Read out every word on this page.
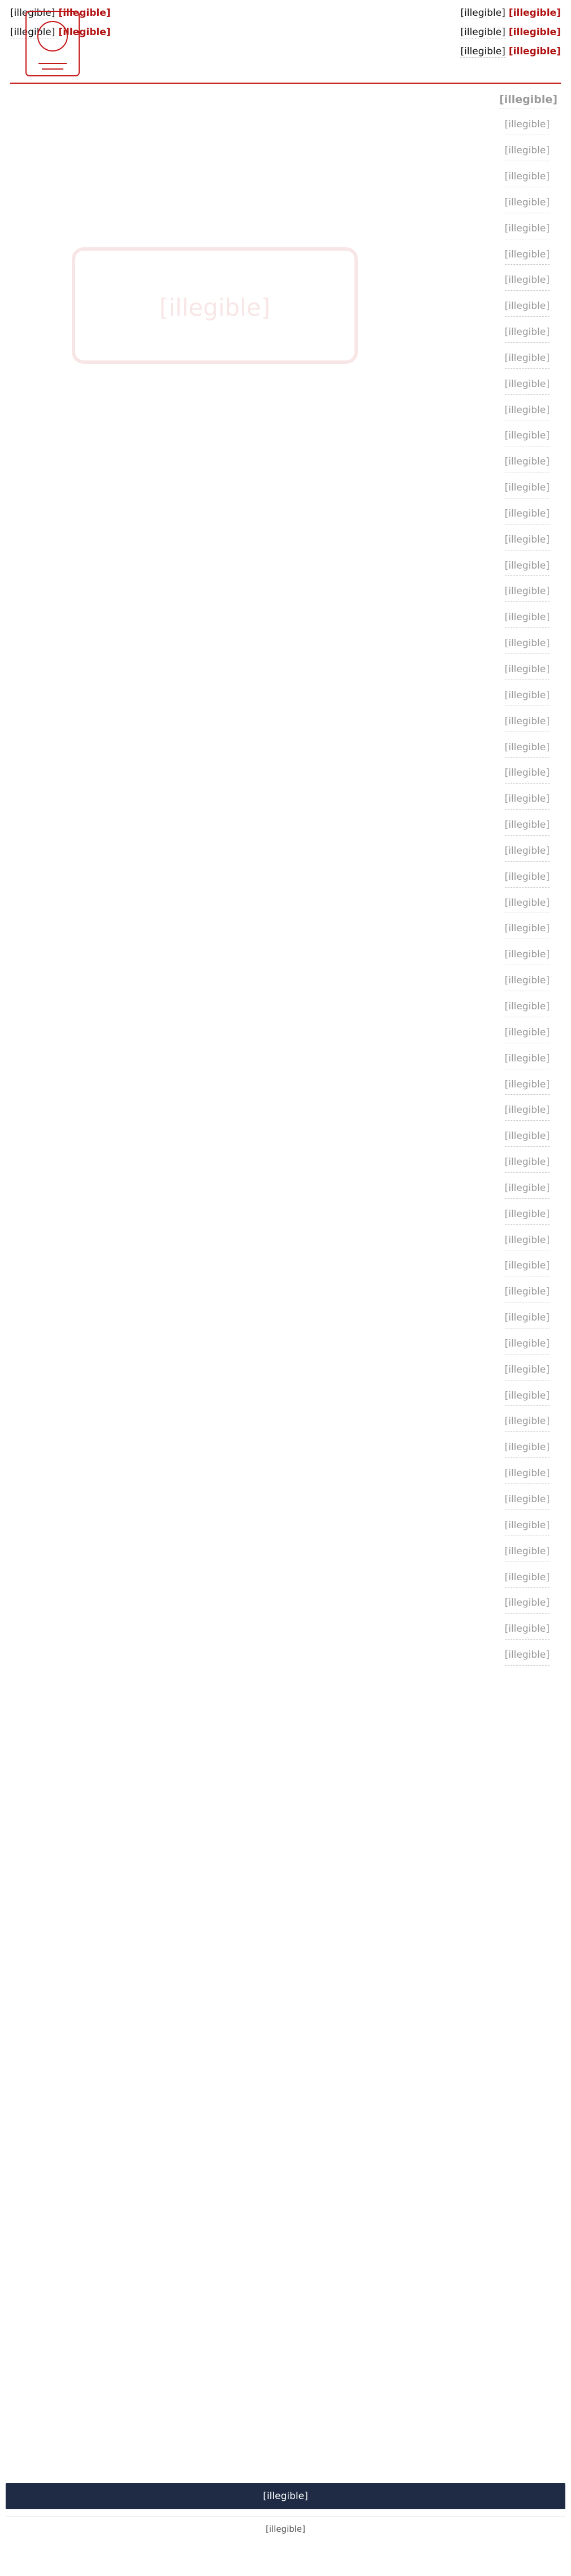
[illegible]
[illegible]
[illegible]
[illegible]
[illegible]
[illegible]
[illegible]
[illegible]
[illegible]
[illegible]
[illegible]

[illegible]

[illegible]

[illegible]

[illegible]

[illegible]

[illegible]

[illegible]

[illegible]

[illegible]

[illegible]

[illegible]

[illegible]

[illegible]

[illegible]

[illegible]

[illegible]

[illegible]

[illegible]

[illegible]

[illegible]

[illegible]

[illegible]

[illegible]

[illegible]

[illegible]

[illegible]

[illegible]

[illegible]

[illegible]

[illegible]

[illegible]

[illegible]

[illegible]

[illegible]

[illegible]

[illegible]

[illegible]

[illegible]

[illegible]

[illegible]

[illegible]

[illegible]

[illegible]

[illegible]

[illegible]

[illegible]

[illegible]

[illegible]

[illegible]

[illegible]

[illegible]

[illegible]

[illegible]

[illegible]

[illegible]

[illegible]

[illegible]

[illegible]

[illegible]

[illegible]

[illegible]

[illegible]
[illegible]
